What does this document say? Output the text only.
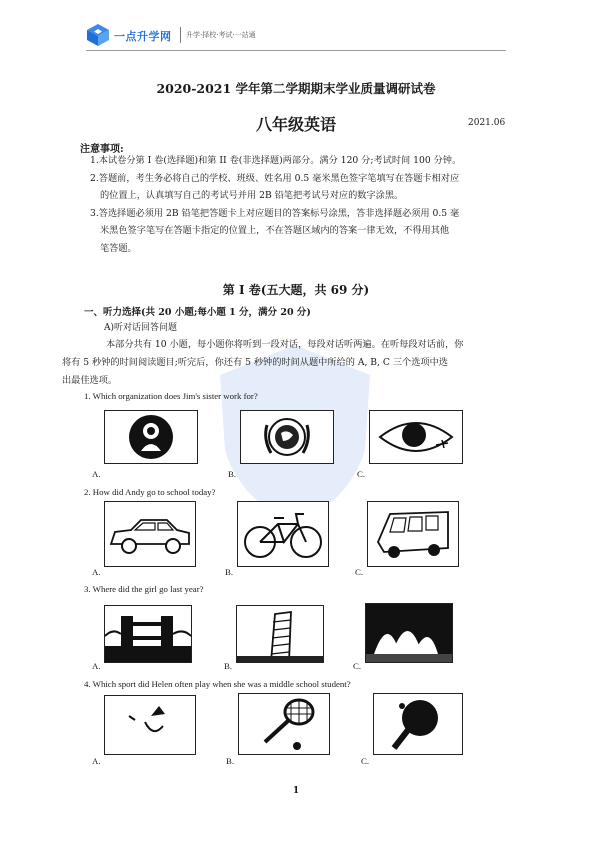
一点升学网 升学·择校·考试·一站通
2020-2021 学年第二学期期末学业质量调研试卷
八年级英语	2021.06
注意事项:
1.本试卷分第 I 卷(选择题)和第 II 卷(非选择题)两部分。满分 120 分;考试时间 100 分钟。
2.答题前，考生务必将自己的学校、班级、姓名用 0.5 毫米黑色签字笔填写在答题卡相对应
的位置上，认真填写自己的考试号并用 2B 铅笔把考试号对应的数字涂黑。
3.答选择题必须用 2B 铅笔把答题卡上对应题目的答案标号涂黑，答非选择题必须用 0.5 毫
米黑色签字笔写在答题卡指定的位置上，不在答题区域内的答案一律无效，不得用其他
笔答题。
第 I 卷(五大题，共 69 分)
一、听力选择(共 20 小题;每小题 1 分，满分 20 分)
A)听对话回答问题
本部分共有 10 小题，每小题你将听到一段对话，每段对话听两遍。在听每段对话前，你
将有 5 秒钟的时间阅读题目;听完后，你还有 5 秒钟的时间从题中所给的 A, B, C 三个选项中选
出最佳选项。
1. Which organization does Jim's sister work for?
A.	B.	C.
2. How did Andy go to school today?
A.	B.	C.
3. Where did the girl go last year?
A.	B.	C.
4. Which sport did Helen often play when she was a middle school student?
A.	B.	C.
1
